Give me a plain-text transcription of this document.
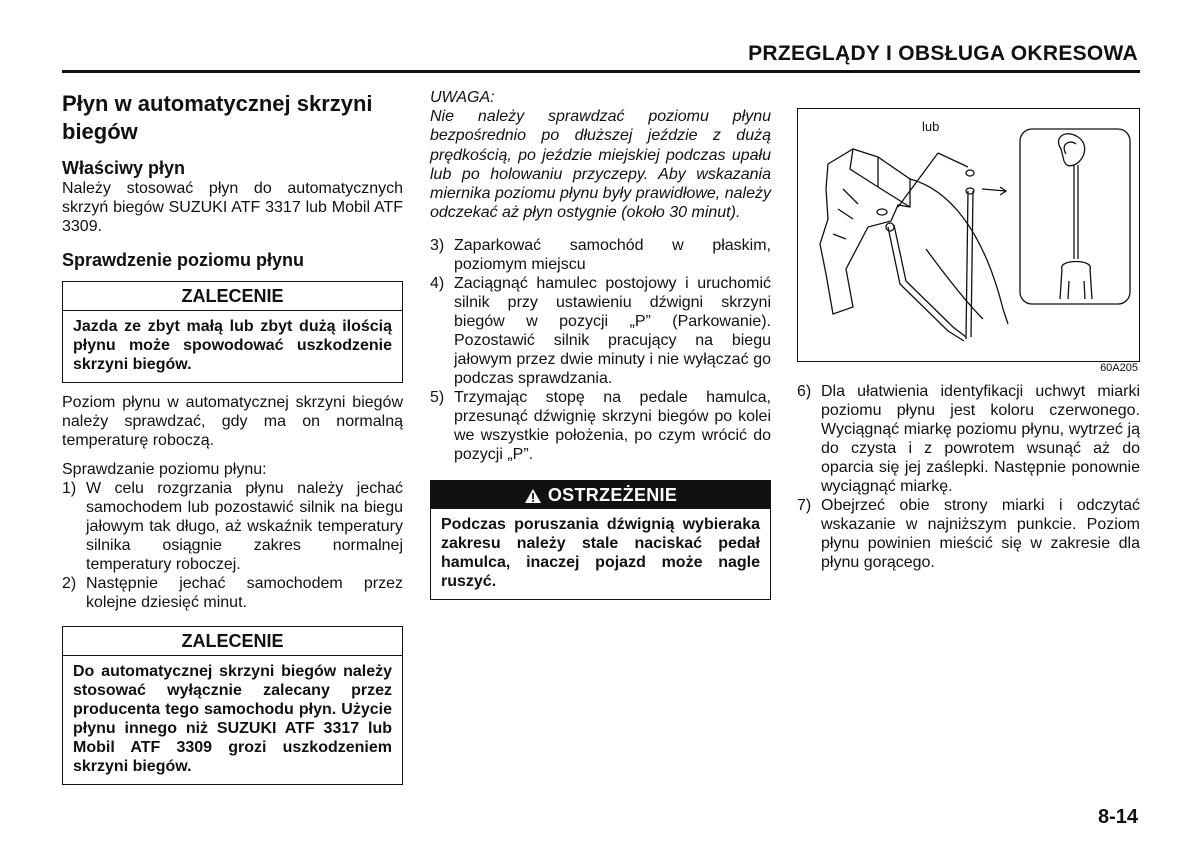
PRZEGLĄDY I OBSŁUGA OKRESOWA
Płyn w automatycznej skrzyni
biegów
Właściwy płyn

Należy stosować płyn do automatycznych skrzyń biegów SUZUKI ATF 3317 lub Mobil ATF 3309.

Sprawdzenie poziomu płynu
ZALECENIE
Jazda ze zbyt małą lub zbyt dużą ilością płynu może spowodować uszkodzenie skrzyni biegów.

Poziom płynu w automatycznej skrzyni biegów należy sprawdzać, gdy ma on normalną temperaturę roboczą.

Sprawdzanie poziomu płynu:

1) W celu rozgrzania płynu należy jechać samochodem lub pozostawić silnik na biegu jałowym tak długo, aż wskaźnik temperatury silnika osiągnie zakres normalnej temperatury roboczej.
2) Następnie jechać samochodem przez kolejne dziesięć minut.
ZALECENIE
Do automatycznej skrzyni biegów należy stosować wyłącznie zalecany przez producenta tego samochodu płyn. Użycie płynu innego niż SUZUKI ATF 3317 lub Mobil ATF 3309 grozi uszkodzeniem skrzyni biegów.
UWAGA:

Nie należy sprawdzać poziomu płynu bezpośrednio po dłuższej jeździe z dużą prędkością, po jeździe miejskiej podczas upału lub po holowaniu przyczepy. Aby wskazania miernika poziomu płynu były prawidłowe, należy odczekać aż płyn ostygnie (około 30 minut).

3) Zaparkować samochód w płaskim, poziomym miejscu
4) Zaciągnąć hamulec postojowy i uruchomić silnik przy ustawieniu dźwigni skrzyni biegów w pozycji „P” (Parkowanie). Pozostawić silnik pracujący na biegu jałowym przez dwie minuty i nie wyłączać go podczas sprawdzania.
5) Trzymając stopę na pedale hamulca, przesunąć dźwignię skrzyni biegów po kolei we wszystkie położenia, po czym wrócić do pozycji „P”.
OSTRZEŻENIE
Podczas poruszania dźwignią wybieraka zakresu należy stale naciskać pedał hamulca, inaczej pojazd może nagle ruszyć.
lub
60A205
6) Dla ułatwienia identyfikacji uchwyt miarki poziomu płynu jest koloru czerwonego. Wyciągnąć miarkę poziomu płynu, wytrzeć ją do czysta i z powrotem wsunąć aż do oparcia się jej zaślepki. Następnie ponownie wyciągnąć miarkę.
7) Obejrzeć obie strony miarki i odczytać wskazanie w najniższym punkcie. Poziom płynu powinien mieścić się w zakresie dla płynu gorącego.
8-14
